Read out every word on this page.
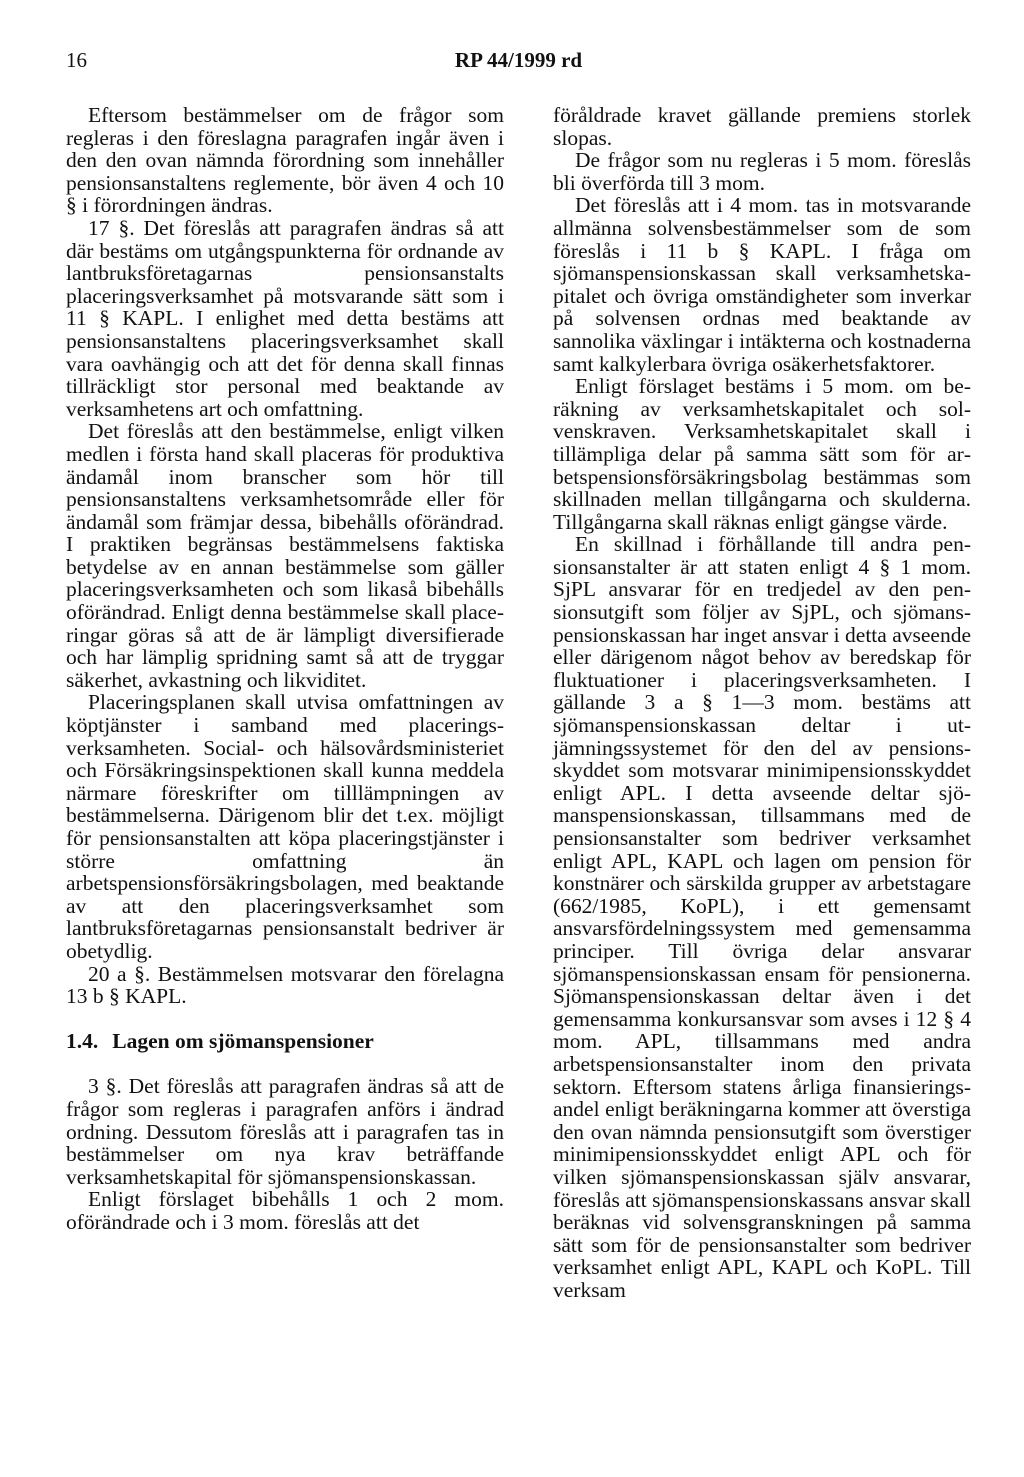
16	RP 44/1999 rd

Eftersom bestämmelser om de frågor som regleras i den föreslagna paragrafen ingår även i den den ovan nämnda förordning som innehåller pensionsanstaltens reglemente, bör även 4 och 10 § i förordningen ändras.

17 §. Det föreslås att paragrafen ändras så att där bestäms om utgångspunkterna för ordnande av lantbruksföretagarnas pensionsanstalts placeringsverksamhet på motsvarande sätt som i 11 § KAPL. I enlighet med detta bestäms att pensionsanstaltens placeringsverksamhet skall vara oavhängig och att det för denna skall finnas tillräckligt stor personal med beaktande av verksamhetens art och omfattning.

Det föreslås att den bestämmelse, enligt vilken medlen i första hand skall placeras för produktiva ändamål inom branscher som hör till pensionsanstaltens verksamhetsområde eller för ändamål som främjar dessa, bibehålls oförändrad. I praktiken begränsas bestämmelsens faktiska betydelse av en annan bestämmelse som gäller placeringsverksamheten och som likaså bibehålls oförändrad. Enligt denna bestämmelse skall placeringar göras så att de är lämpligt diversifierade och har lämplig spridning samt så att de tryggar säkerhet, avkastning och likviditet.

Placeringsplanen skall utvisa omfattningen av köptjänster i samband med placeringsverksamheten. Social- och hälsovårdsministeriet och Försäkringsinspektionen skall kunna meddela närmare föreskrifter om tilllämpningen av bestämmelserna. Därigenom blir det t.ex. möjligt för pensionsanstalten att köpa placeringstjänster i större omfattning än arbetspensionsförsäkringsbolagen, med beaktande av att den placeringsverksamhet som lantbruksföretagarnas pensionsanstalt bedriver är obetydlig.

20 a §. Bestämmelsen motsvarar den förelagna 13 b § KAPL.

1.4. Lagen om sjömanspensioner

3 §. Det föreslås att paragrafen ändras så att de frågor som regleras i paragrafen anförs i ändrad ordning. Dessutom föreslås att i paragrafen tas in bestämmelser om nya krav beträffande verksamhetskapital för sjömanspensionskassan.

Enligt förslaget bibehålls 1 och 2 mom. oförändrade och i 3 mom. föreslås att det

föråldrade kravet gällande premiens storlek slopas.

De frågor som nu regleras i 5 mom. föreslås bli överförda till 3 mom.

Det föreslås att i 4 mom. tas in motsvarande allmänna solvensbestämmelser som de som föreslås i 11 b § KAPL. I fråga om sjömanspensionskassan skall verksamhetskapitalet och övriga omständigheter som inverkar på solvensen ordnas med beaktande av sannolika växlingar i intäkterna och kostnaderna samt kalkylerbara övriga osäkerhetsfaktorer.

Enligt förslaget bestäms i 5 mom. om beräkning av verksamhetskapitalet och solvenskraven. Verksamhetskapitalet skall i tillämpliga delar på samma sätt som för arbetspensionsförsäkringsbolag bestämmas som skillnaden mellan tillgångarna och skulderna. Tillgångarna skall räknas enligt gängse värde.

En skillnad i förhållande till andra pensionsanstalter är att staten enligt 4 § 1 mom. SjPL ansvarar för en tredjedel av den pensionsutgift som följer av SjPL, och sjömanspensionskassan har inget ansvar i detta avseende eller därigenom något behov av beredskap för fluktuationer i placeringsverksamheten. I gällande 3 a § 1—3 mom. bestäms att sjömanspensionskassan deltar i utjämningssystemet för den del av pensionsskyddet som motsvarar minimipensionsskyddet enligt APL. I detta avseende deltar sjömanspensionskassan, tillsammans med de pensionsanstalter som bedriver verksamhet enligt APL, KAPL och lagen om pension för konstnärer och särskilda grupper av arbetstagare (662/1985, KoPL), i ett gemensamt ansvarsfördelningssystem med gemensamma principer. Till övriga delar ansvarar sjömanspensionskassan ensam för pensionerna. Sjömanspensionskassan deltar även i det gemensamma konkursansvar som avses i 12 § 4 mom. APL, tillsammans med andra arbetspensionsanstalter inom den privata sektorn. Eftersom statens årliga finansieringsandel enligt beräkningarna kommer att överstiga den ovan nämnda pensionsutgift som överstiger minimipensionsskyddet enligt APL och för vilken sjömanspensionskassan själv ansvarar, föreslås att sjömanspensionskassans ansvar skall beräknas vid solvensgranskningen på samma sätt som för de pensionsanstalter som bedriver verksamhet enligt APL, KAPL och KoPL. Till verksam
